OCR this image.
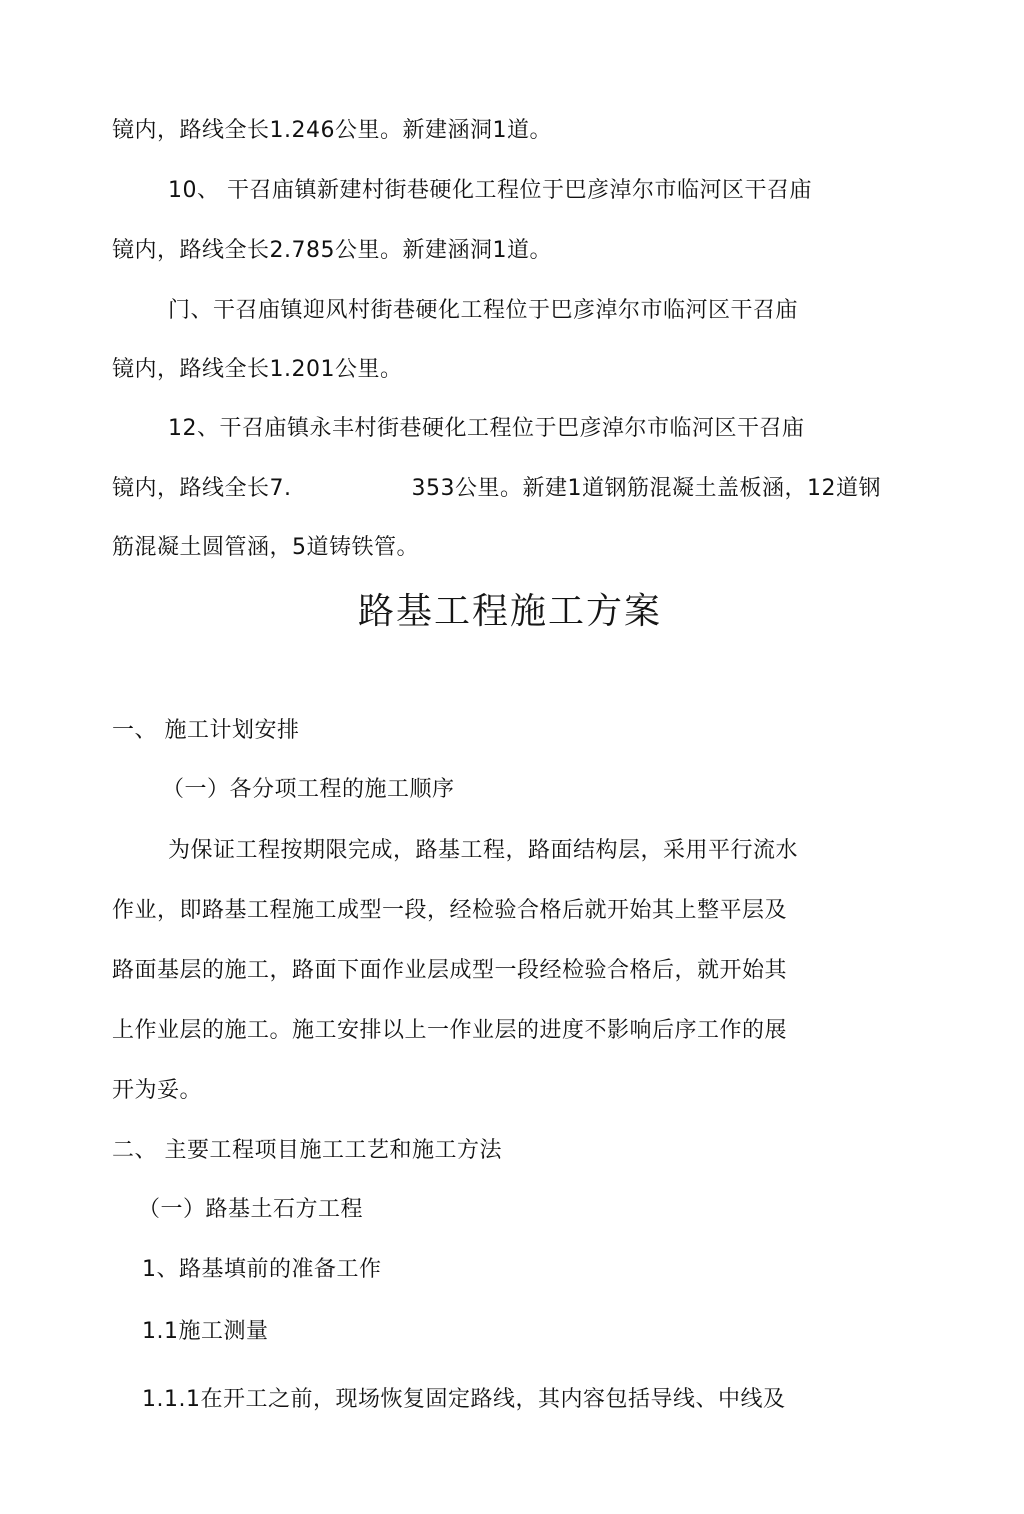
镜内，路线全长1.246公里。新建涵洞1道。
10、 干召庙镇新建村街巷硬化工程位于巴彦淖尔市临河区干召庙
镜内，路线全长2.785公里。新建涵洞1道。
门、干召庙镇迎风村街巷硬化工程位于巴彦淖尔市临河区干召庙
镜内，路线全长1.201公里。
12、干召庙镇永丰村街巷硬化工程位于巴彦淖尔市临河区干召庙
镜内，路线全长7.	353公里。新建1道钢筋混凝土盖板涵，12道钢
筋混凝土圆管涵，5道铸铁管。
路基工程施工方案
一、 施工计划安排
（一）各分项工程的施工顺序
为保证工程按期限完成，路基工程，路面结构层，采用平行流水
作业，即路基工程施工成型一段，经检验合格后就开始其上整平层及
路面基层的施工，路面下面作业层成型一段经检验合格后，就开始其
上作业层的施工。施工安排以上一作业层的进度不影响后序工作的展
开为妥。
二、 主要工程项目施工工艺和施工方法
（一）路基土石方工程
1、路基填前的准备工作
1.1施工测量
1.1.1在开工之前，现场恢复固定路线，其内容包括导线、中线及
